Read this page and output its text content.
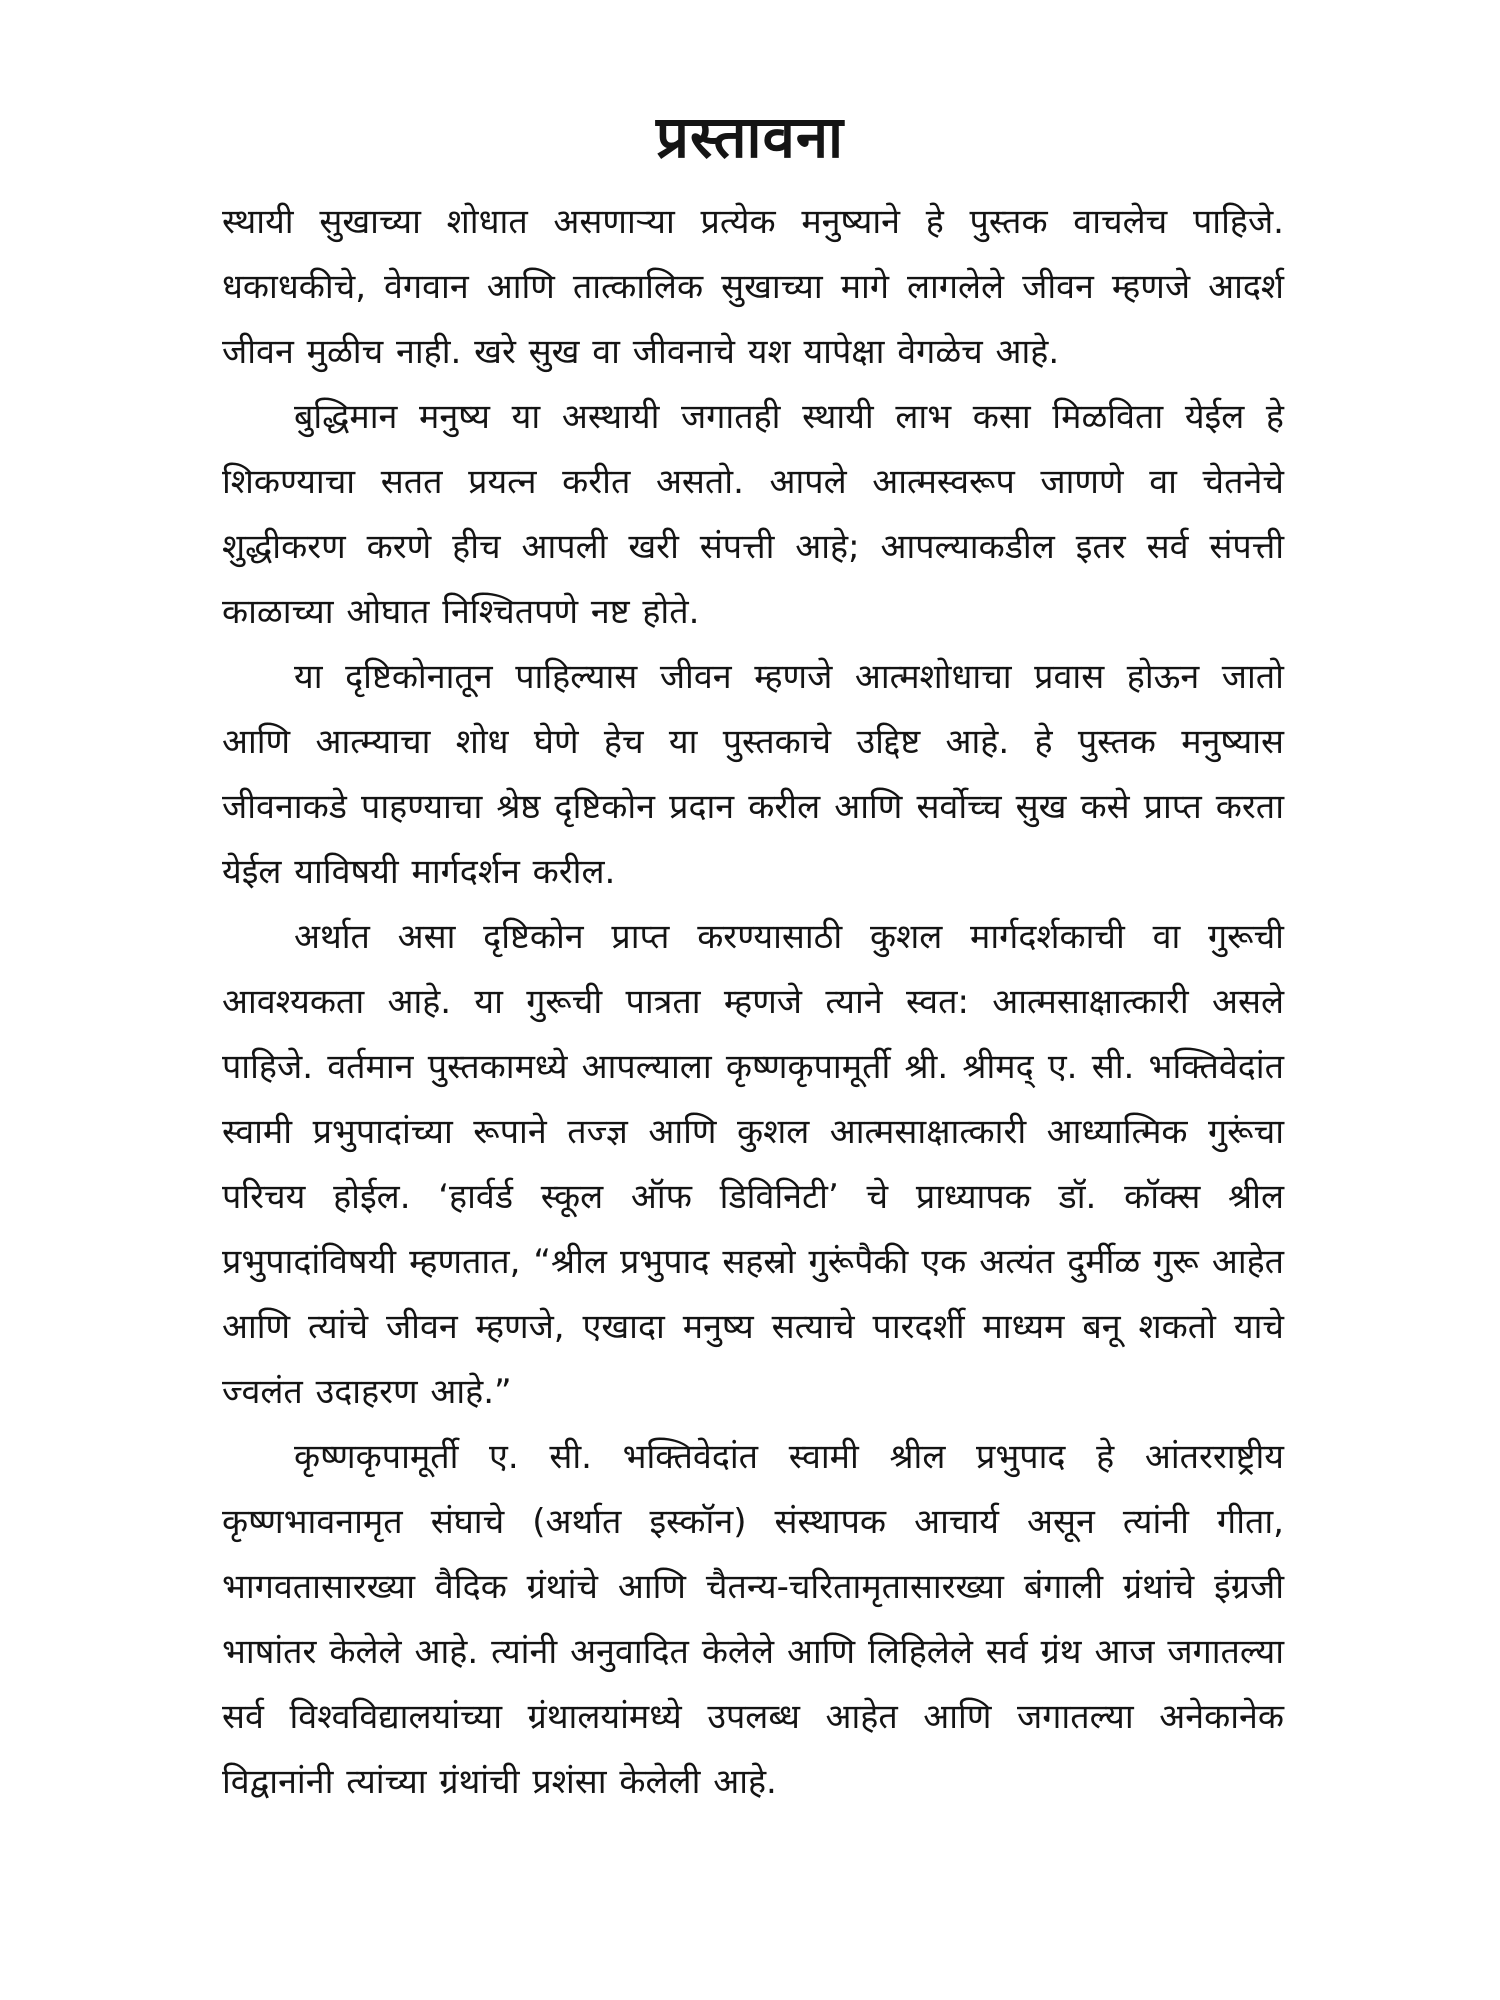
प्रस्तावना

स्थायी सुखाच्या शोधात असणाऱ्या प्रत्येक मनुष्याने हे पुस्तक वाचलेच पाहिजे. धकाधकीचे, वेगवान आणि तात्कालिक सुखाच्या मागे लागलेले जीवन म्हणजे आदर्श जीवन मुळीच नाही. खरे सुख वा जीवनाचे यश यापेक्षा वेगळेच आहे.

बुद्धिमान मनुष्य या अस्थायी जगातही स्थायी लाभ कसा मिळविता येईल हे शिकण्याचा सतत प्रयत्न करीत असतो. आपले आत्मस्वरूप जाणणे वा चेतनेचे शुद्धीकरण करणे हीच आपली खरी संपत्ती आहे; आपल्याकडील इतर सर्व संपत्ती काळाच्या ओघात निश्चितपणे नष्ट होते.

या दृष्टिकोनातून पाहिल्यास जीवन म्हणजे आत्मशोधाचा प्रवास होऊन जातो आणि आत्म्याचा शोध घेणे हेच या पुस्तकाचे उद्दिष्ट आहे. हे पुस्तक मनुष्यास जीवनाकडे पाहण्याचा श्रेष्ठ दृष्टिकोन प्रदान करील आणि सर्वोच्च सुख कसे प्राप्त करता येईल याविषयी मार्गदर्शन करील.

अर्थात असा दृष्टिकोन प्राप्त करण्यासाठी कुशल मार्गदर्शकाची वा गुरूची आवश्यकता आहे. या गुरूची पात्रता म्हणजे त्याने स्वत: आत्मसाक्षात्कारी असले पाहिजे. वर्तमान पुस्तकामध्ये आपल्याला कृष्णकृपामूर्ती श्री. श्रीमद् ए. सी. भक्तिवेदांत स्वामी प्रभुपादांच्या रूपाने तज्ज्ञ आणि कुशल आत्मसाक्षात्कारी आध्यात्मिक गुरूंचा परिचय होईल. ‘हार्वर्ड स्कूल ऑफ डिविनिटी’ चे प्राध्यापक डॉ. कॉक्स श्रील प्रभुपादांविषयी म्हणतात, “श्रील प्रभुपाद सहस्रो गुरूंपैकी एक अत्यंत दुर्मीळ गुरू आहेत आणि त्यांचे जीवन म्हणजे, एखादा मनुष्य सत्याचे पारदर्शी माध्यम बनू शकतो याचे ज्वलंत उदाहरण आहे.”

कृष्णकृपामूर्ती ए. सी. भक्तिवेदांत स्वामी श्रील प्रभुपाद हे आंतरराष्ट्रीय कृष्णभावनामृत संघाचे (अर्थात इस्कॉन) संस्थापक आचार्य असून त्यांनी गीता, भागवतासारख्या वैदिक ग्रंथांचे आणि चैतन्य-चरितामृतासारख्या बंगाली ग्रंथांचे इंग्रजी भाषांतर केलेले आहे. त्यांनी अनुवादित केलेले आणि लिहिलेले सर्व ग्रंथ आज जगातल्या सर्व विश्वविद्यालयांच्या ग्रंथालयांमध्ये उपलब्ध आहेत आणि जगातल्या अनेकानेक विद्वानांनी त्यांच्या ग्रंथांची प्रशंसा केलेली आहे.
